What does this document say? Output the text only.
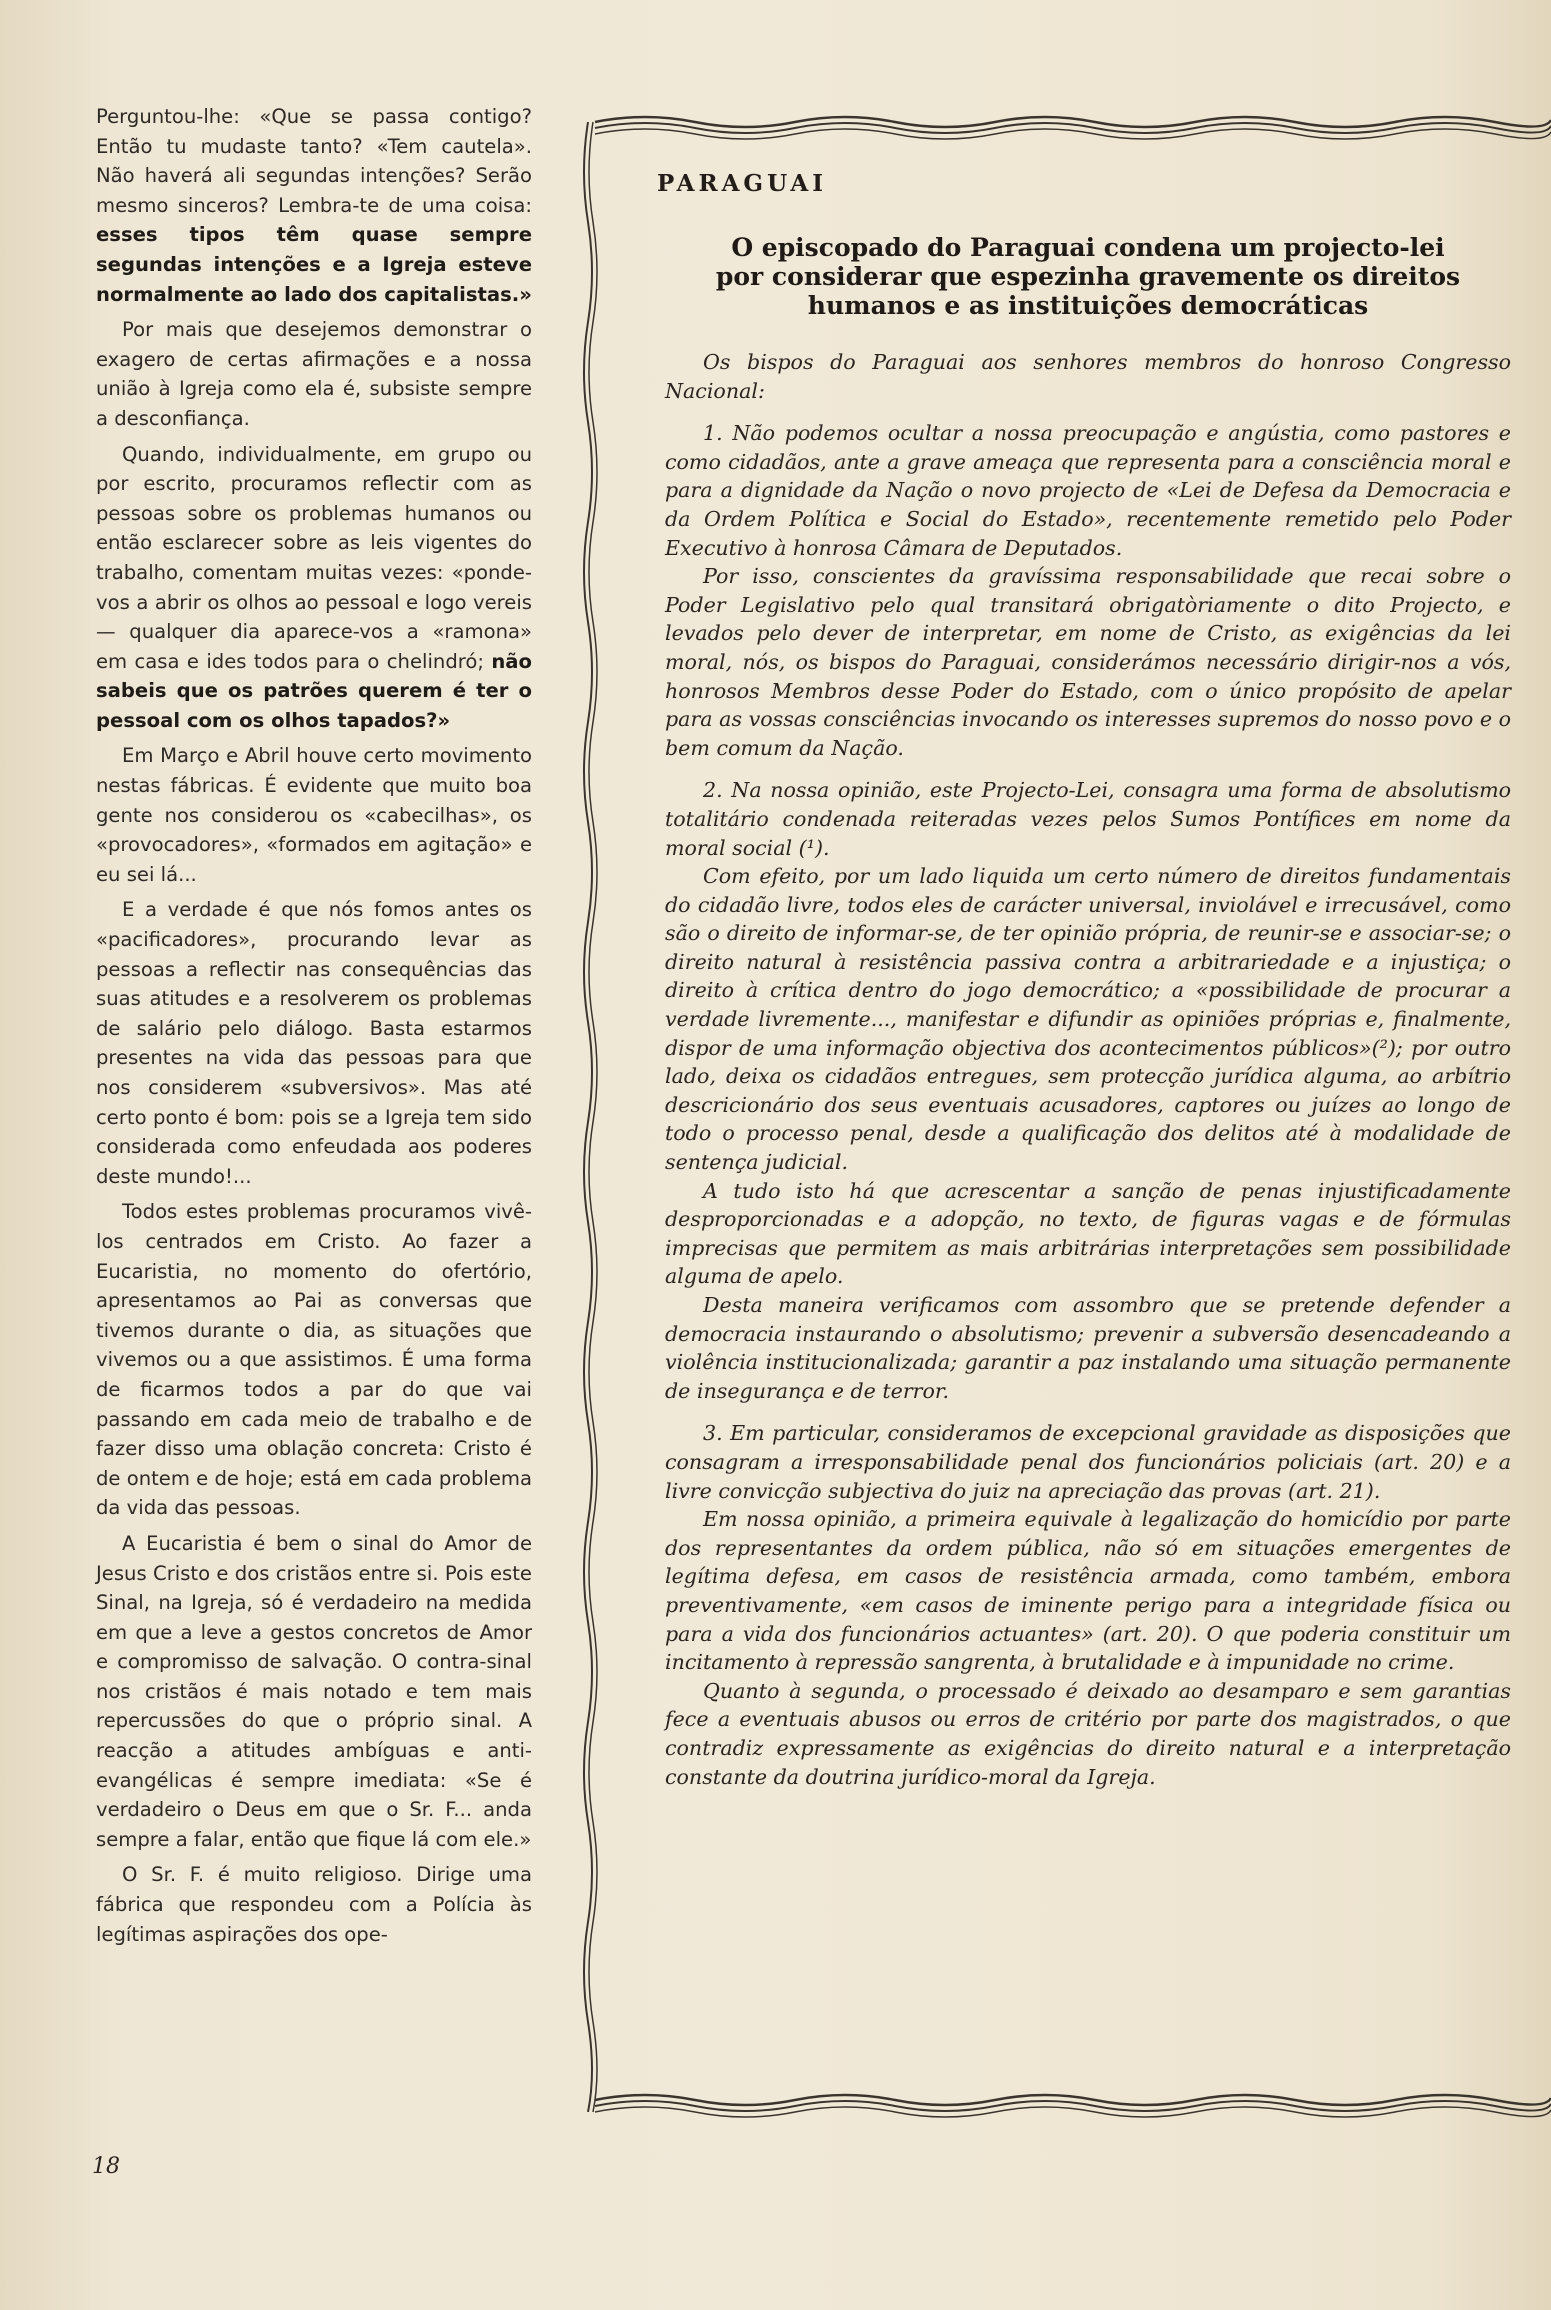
Perguntou-lhe: «Que se passa contigo? Então tu mudaste tanto? «Tem cautela». Não haverá ali segundas intenções? Serão mesmo sinceros? Lembra-te de uma coisa: esses tipos têm quase sempre segundas intenções e a Igreja esteve normalmente ao lado dos capitalistas.»

Por mais que desejemos demonstrar o exagero de certas afirmações e a nossa união à Igreja como ela é, subsiste sempre a desconfiança.

Quando, individualmente, em grupo ou por escrito, procuramos reflectir com as pessoas sobre os problemas humanos ou então esclarecer sobre as leis vigentes do trabalho, comentam muitas vezes: «ponde-vos a abrir os olhos ao pessoal e logo vereis — qualquer dia aparece-vos a «ramona» em casa e ides todos para o chelindró; não sabeis que os patrões querem é ter o pessoal com os olhos tapados?»

Em Março e Abril houve certo movimento nestas fábricas. É evidente que muito boa gente nos considerou os «cabecilhas», os «provocadores», «formados em agitação» e eu sei lá...

E a verdade é que nós fomos antes os «pacificadores», procurando levar as pessoas a reflectir nas consequências das suas atitudes e a resolverem os problemas de salário pelo diálogo. Basta estarmos presentes na vida das pessoas para que nos considerem «subversivos». Mas até certo ponto é bom: pois se a Igreja tem sido considerada como enfeudada aos poderes deste mundo!...

Todos estes problemas procuramos vivê-los centrados em Cristo. Ao fazer a Eucaristia, no momento do ofertório, apresentamos ao Pai as conversas que tivemos durante o dia, as situações que vivemos ou a que assistimos. É uma forma de ficarmos todos a par do que vai passando em cada meio de trabalho e de fazer disso uma oblação concreta: Cristo é de ontem e de hoje; está em cada problema da vida das pessoas.

A Eucaristia é bem o sinal do Amor de Jesus Cristo e dos cristãos entre si. Pois este Sinal, na Igreja, só é verdadeiro na medida em que a leve a gestos concretos de Amor e compromisso de salvação. O contra-sinal nos cristãos é mais notado e tem mais repercussões do que o próprio sinal. A reacção a atitudes ambíguas e anti-evangélicas é sempre imediata: «Se é verdadeiro o Deus em que o Sr. F... anda sempre a falar, então que fique lá com ele.»

O Sr. F. é muito religioso. Dirige uma fábrica que respondeu com a Polícia às legítimas aspirações dos ope-

PARAGUAI
O episcopado do Paraguai condena um projecto-lei
por considerar que espezinha gravemente os direitos
humanos e as instituições democráticas

Os bispos do Paraguai aos senhores membros do honroso Congresso Nacional:

1. Não podemos ocultar a nossa preocupação e angústia, como pastores e como cidadãos, ante a grave ameaça que representa para a consciência moral e para a dignidade da Nação o novo projecto de «Lei de Defesa da Democracia e da Ordem Política e Social do Estado», recentemente remetido pelo Poder Executivo à honrosa Câmara de Deputados.

Por isso, conscientes da gravíssima responsabilidade que recai sobre o Poder Legislativo pelo qual transitará obrigatòriamente o dito Projecto, e levados pelo dever de interpretar, em nome de Cristo, as exigências da lei moral, nós, os bispos do Paraguai, considerámos necessário dirigir-nos a vós, honrosos Membros desse Poder do Estado, com o único propósito de apelar para as vossas consciências invocando os interesses supremos do nosso povo e o bem comum da Nação.

2. Na nossa opinião, este Projecto-Lei, consagra uma forma de absolutismo totalitário condenada reiteradas vezes pelos Sumos Pontífices em nome da moral social (¹).

Com efeito, por um lado liquida um certo número de direitos fundamentais do cidadão livre, todos eles de carácter universal, inviolável e irrecusável, como são o direito de informar-se, de ter opinião própria, de reunir-se e associar-se; o direito natural à resistência passiva contra a arbitrariedade e a injustiça; o direito à crítica dentro do jogo democrático; a «possibilidade de procurar a verdade livremente..., manifestar e difundir as opiniões próprias e, finalmente, dispor de uma informação objectiva dos acontecimentos públicos»(²); por outro lado, deixa os cidadãos entregues, sem protecção jurídica alguma, ao arbítrio descricionário dos seus eventuais acusadores, captores ou juízes ao longo de todo o processo penal, desde a qualificação dos delitos até à modalidade de sentença judicial.

A tudo isto há que acrescentar a sanção de penas injustificadamente desproporcionadas e a adopção, no texto, de figuras vagas e de fórmulas imprecisas que permitem as mais arbitrárias interpretações sem possibilidade alguma de apelo.

Desta maneira verificamos com assombro que se pretende defender a democracia instaurando o absolutismo; prevenir a subversão desencadeando a violência institucionalizada; garantir a paz instalando uma situação permanente de insegurança e de terror.

3. Em particular, consideramos de excepcional gravidade as disposições que consagram a irresponsabilidade penal dos funcionários policiais (art. 20) e a livre convicção subjectiva do juiz na apreciação das provas (art. 21).

Em nossa opinião, a primeira equivale à legalização do homicídio por parte dos representantes da ordem pública, não só em situações emergentes de legítima defesa, em casos de resistência armada, como também, embora preventivamente, «em casos de iminente perigo para a integridade física ou para a vida dos funcionários actuantes» (art. 20). O que poderia constituir um incitamento à repressão sangrenta, à brutalidade e à impunidade no crime.

Quanto à segunda, o processado é deixado ao desamparo e sem garantias fece a eventuais abusos ou erros de critério por parte dos magistrados, o que contradiz expressamente as exigências do direito natural e a interpretação constante da doutrina jurídico-moral da Igreja.

18
